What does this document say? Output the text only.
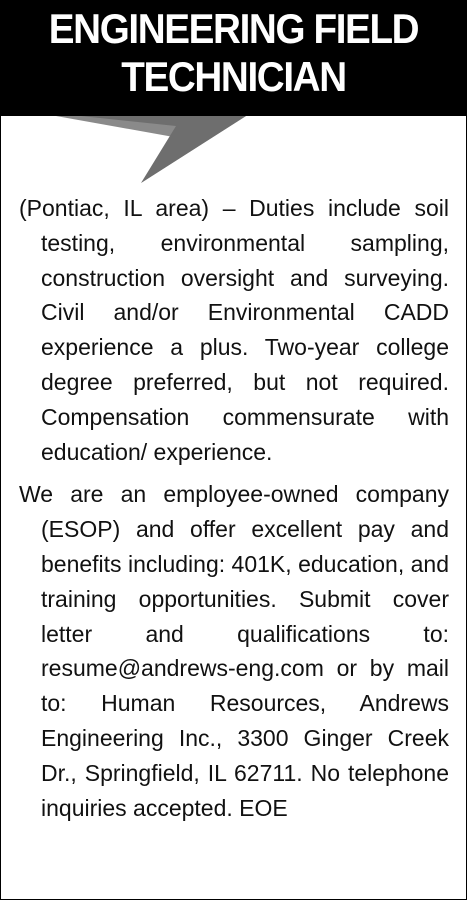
ENGINEERING FIELD
TECHNICIAN

(Pontiac, IL area) – Duties include soil testing, environmental sampling, construction oversight and surveying. Civil and/or Environmental CADD experience a plus. Two-year college degree preferred, but not required. Compensation commensurate with education/ experience.

We are an employee-owned company (ESOP) and offer excellent pay and benefits including: 401K, education, and training opportunities. Submit cover letter and qualifications to: resume@andrews-eng.com or by mail to: Human Resources, Andrews Engineering Inc., 3300 Ginger Creek Dr., Springfield, IL 62711. No telephone inquiries accepted. EOE
